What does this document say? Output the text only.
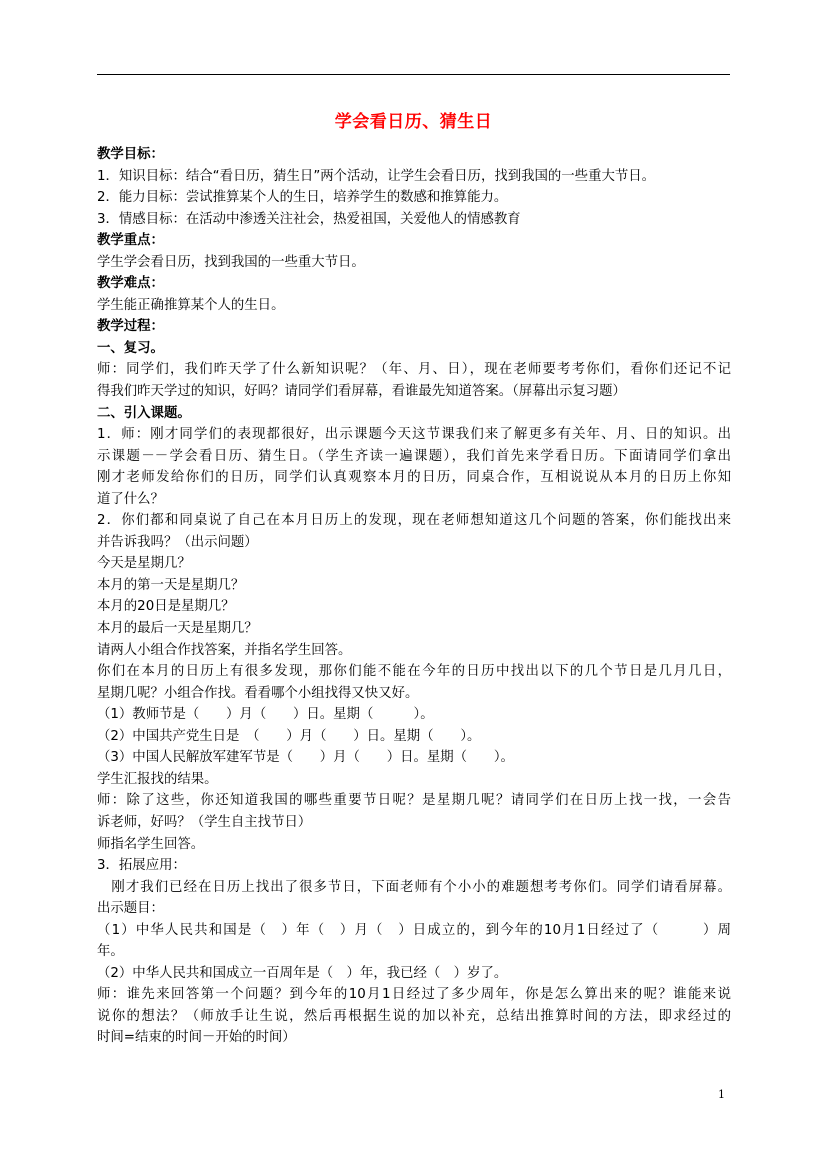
学会看日历、猜生日
教学目标：
1．知识目标：结合“看日历，猜生日”两个活动，让学生会看日历，找到我国的一些重大节日。
2．能力目标：尝试推算某个人的生日，培养学生的数感和推算能力。
3．情感目标：在活动中渗透关注社会，热爱祖国，关爱他人的情感教育
教学重点：
学生学会看日历，找到我国的一些重大节日。
教学难点：
学生能正确推算某个人的生日。
教学过程：
一、复习。
师：同学们，我们昨天学了什么新知识呢？（年、月、日），现在老师要考考你们，看你们还记不记
得我们昨天学过的知识，好吗？请同学们看屏幕，看谁最先知道答案。（屏幕出示复习题）
二、引入课题。
1．师：刚才同学们的表现都很好，出示课题今天这节课我们来了解更多有关年、月、日的知识。出
示课题－－学会看日历、猜生日。（学生齐读一遍课题），我们首先来学看日历。下面请同学们拿出
刚才老师发给你们的日历，同学们认真观察本月的日历，同桌合作，互相说说从本月的日历上你知
道了什么？
2．你们都和同桌说了自己在本月日历上的发现，现在老师想知道这几个问题的答案，你们能找出来
并告诉我吗？（出示问题）
今天是星期几？
本月的第一天是星期几？
本月的20日是星期几？
本月的最后一天是星期几？
请两人小组合作找答案，并指名学生回答。
你们在本月的日历上有很多发现，那你们能不能在今年的日历中找出以下的几个节日是几月几日，
星期几呢？小组合作找。看看哪个小组找得又快又好。
（1）教师节是（　　）月（　　）日。星期（　　　）。
（2）中国共产党生日是　（　　）月（　　）日。星期（　　）。
（3）中国人民解放军建军节是（　　）月（　　）日。星期（　　）。
学生汇报找的结果。
师：除了这些，你还知道我国的哪些重要节日呢？是星期几呢？请同学们在日历上找一找，一会告
诉老师，好吗？（学生自主找节日）
师指名学生回答。
3．拓展应用：
　刚才我们已经在日历上找出了很多节日，下面老师有个小小的难题想考考你们。同学们请看屏幕。
出示题目：
（1）中华人民共和国是（　）年（　）月（　）日成立的，到今年的10月1日经过了（　　　）周
年。
（2）中华人民共和国成立一百周年是（　）年，我已经（　）岁了。
师：谁先来回答第一个问题？到今年的10月1日经过了多少周年，你是怎么算出来的呢？谁能来说
说你的想法？（师放手让生说，然后再根据生说的加以补充，总结出推算时间的方法，即求经过的
时间=结束的时间－开始的时间）
1
